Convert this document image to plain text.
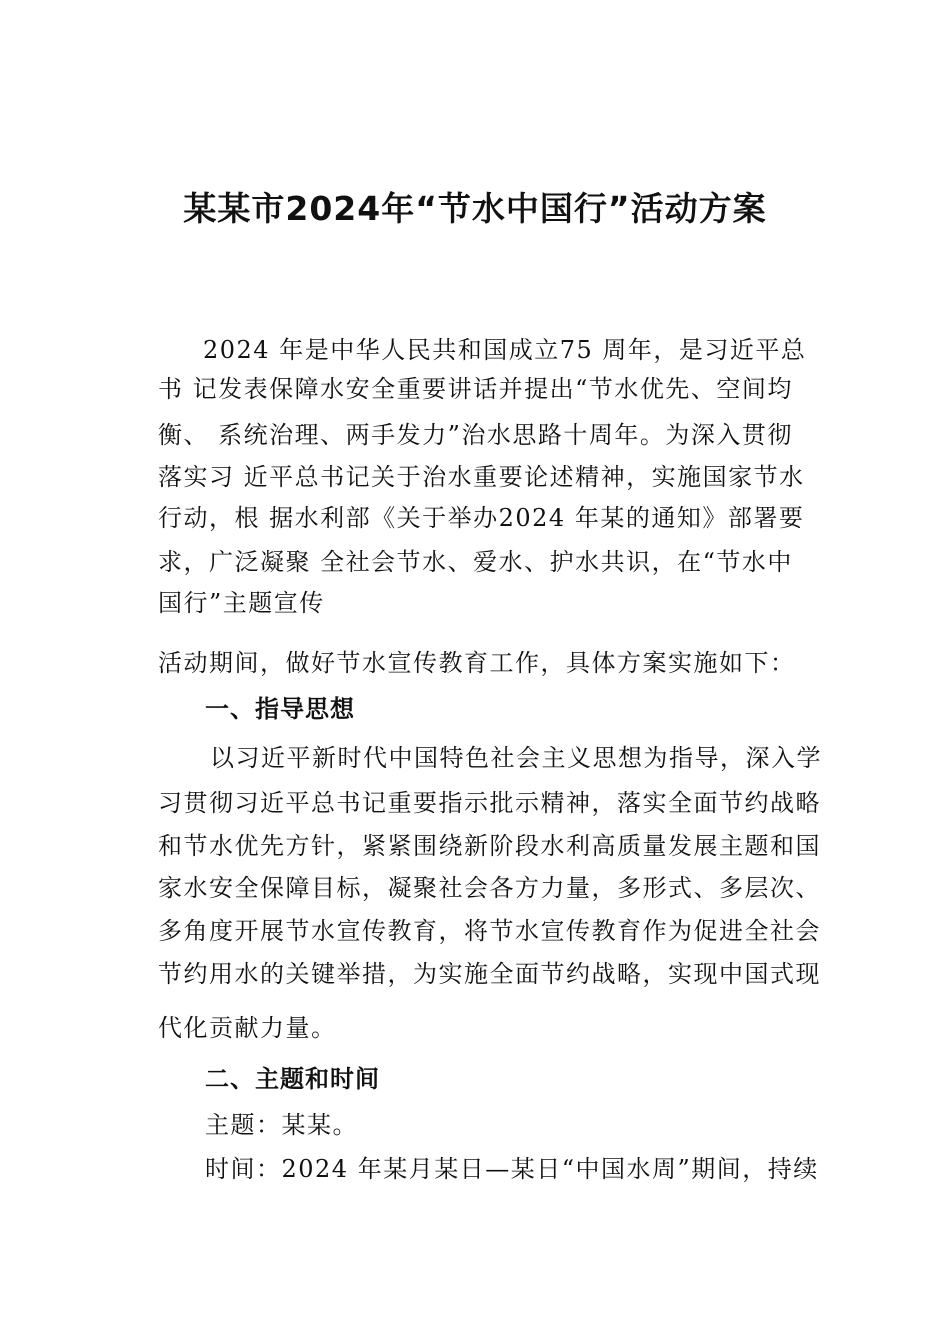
某某市2024年“节水中国行”活动方案
2024 年是中华人民共和国成立75 周年，是习近平总
书 记发表保障水安全重要讲话并提出“节水优先、空间均
衡、 系统治理、两手发力”治水思路十周年。为深入贯彻
落实习 近平总书记关于治水重要论述精神，实施国家节水
行动，根 据水利部《关于举办2024 年某的通知》部署要
求，广泛凝聚 全社会节水、爱水、护水共识，在“节水中
国行”主题宣传
活动期间，做好节水宣传教育工作，具体方案实施如下：
一、指导思想
以习近平新时代中国特色社会主义思想为指导，深入学
习贯彻习近平总书记重要指示批示精神，落实全面节约战略
和节水优先方针，紧紧围绕新阶段水利高质量发展主题和国
家水安全保障目标，凝聚社会各方力量，多形式、多层次、
多角度开展节水宣传教育，将节水宣传教育作为促进全社会
节约用水的关键举措，为实施全面节约战略，实现中国式现
代化贡献力量。
二、主题和时间
主题：某某。
时间：2024 年某月某日—某日“中国水周”期间，持续
